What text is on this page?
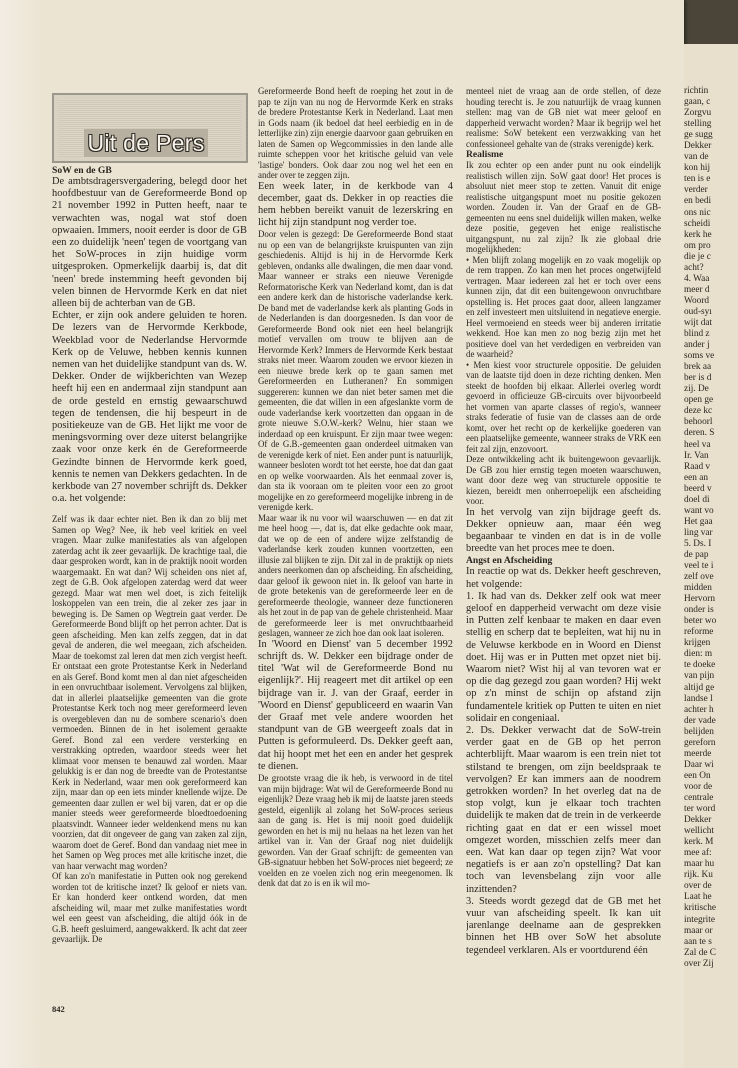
Uit de Pers
SoW en de GB

De ambtsdragersvergadering, belegd door het hoofdbestuur van de Gereformeerde Bond op 21 november 1992 in Putten heeft, naar te verwachten was, nogal wat stof doen opwaaien. Immers, nooit eerder is door de GB een zo duidelijk 'neen' tegen de voortgang van het SoW-proces in zijn huidige vorm uitgesproken. Opmerkelijk daarbij is, dat dit 'neen' brede instemming heeft gevonden bij velen binnen de Hervormde Kerk en dat niet alleen bij de achterban van de GB.

Echter, er zijn ook andere geluiden te horen. De lezers van de Hervormde Kerkbode, Weekblad voor de Nederlandse Hervormde Kerk op de Veluwe, hebben kennis kunnen nemen van het duidelijke standpunt van ds. W. Dekker. Onder de wijkberichten van Wezep heeft hij een en andermaal zijn standpunt aan de orde gesteld en ernstig gewaarschuwd tegen de tendensen, die hij bespeurt in de positiekeuze van de GB. Het lijkt me voor de meningsvorming over deze uiterst belangrijke zaak voor onze kerk én de Gereformeerde Gezindte binnen de Hervormde kerk goed, kennis te nemen van Dekkers gedachten. In de kerkbode van 27 november schrijft ds. Dekker o.a. het volgende:

Zelf was ik daar echter niet. Ben ik dan zo blij met Samen op Weg? Nee, ik heb veel kritiek en veel vragen. Maar zulke manifestaties als van afgelopen zaterdag acht ik zeer gevaarlijk. De krachtige taal, die daar gesproken wordt, kan in de praktijk nooit worden waargemaakt. En wat dan? Wij scheiden ons niet af, zegt de G.B. Ook afgelopen zaterdag werd dat weer gezegd. Maar wat men wel doet, is zich feitelijk loskoppelen van een trein, die al zeker zes jaar in beweging is. De Samen op Wegtrein gaat verder. De Gereformeerde Bond blijft op het perron achter. Dat is geen afscheiding. Men kan zelfs zeggen, dat in dat geval de anderen, die wel meegaan, zich afscheiden. Maar de toekomst zal leren dat men zich vergist heeft. Er ontstaat een grote Protestantse Kerk in Nederland en als Geref. Bond komt men al dan niet afgescheiden in een onvruchtbaar isolement. Vervolgens zal blijken, dat in allerlei plaatselijke gemeenten van die grote Protestantse Kerk toch nog meer gereformeerd leven is overgebleven dan nu de sombere scenario's doen vermoeden. Binnen de in het isolement geraakte Geref. Bond zal een verdere versterking en verstrakking optreden, waardoor steeds weer het klimaat voor mensen te benauwd zal worden. Maar gelukkig is er dan nog de breedte van de Protestantse Kerk in Nederland, waar men ook gereformeerd kan zijn, maar dan op een iets minder knellende wijze. De gemeenten daar zullen er wel bij varen, dat er op die manier steeds weer gereformeerde bloedtoedoening plaatsvindt. Wanneer ieder weldenkend mens nu kan voorzien, dat dit ongeveer de gang van zaken zal zijn, waarom doet de Geref. Bond dan vandaag niet mee in het Samen op Weg proces met alle kritische inzet, die van haar verwacht mag worden?

Of kan zo'n manifestatie in Putten ook nog gerekend worden tot de kritische inzet? Ik geloof er niets van. Er kan honderd keer ontkend worden, dat men afscheiding wil, maar met zulke manifestaties wordt wel een geest van afscheiding, die altijd óók in de G.B. heeft gesluimerd, aangewakkerd. Ik acht dat zeer gevaarlijk. De

Gereformeerde Bond heeft de roeping het zout in de pap te zijn van nu nog de Hervormde Kerk en straks de bredere Protestantse Kerk in Nederland. Laat men in Gods naam (ik bedoel dat heel eerbiedig en in de letterlijke zin) zijn energie daarvoor gaan gebruiken en laten de Samen op Wegcommissies in den lande alle ruimte scheppen voor het kritische geluid van vele 'lastige' bonders. Ook daar zou nog wel het een en ander over te zeggen zijn.

Een week later, in de kerkbode van 4 december, gaat ds. Dekker in op reacties die hem hebben bereikt vanuit de lezerskring en licht hij zijn standpunt nog verder toe.

Door velen is gezegd: De Gereformeerde Bond staat nu op een van de belangrijkste kruispunten van zijn geschiedenis. Altijd is hij in de Hervormde Kerk gebleven, ondanks alle dwalingen, die men daar vond. Maar wanneer er straks een nieuwe Verenigde Reformatorische Kerk van Nederland komt, dan is dat een andere kerk dan de historische vaderlandse kerk. De band met de vaderlandse kerk als planting Gods in de Nederlanden is dan doorgesneden. Is dan voor de Gereformeerde Bond ook niet een heel belangrijk motief vervallen om trouw te blijven aan de Hervormde Kerk? Immers de Hervormde Kerk bestaat straks niet meer. Waarom zouden we ervoor kiezen in een nieuwe brede kerk op te gaan samen met Gereformeerden en Lutheranen? En sommigen suggereren: kunnen we dan niet beter samen met die gemeenten, die dat willen in een afgeslankte vorm de oude vaderlandse kerk voortzetten dan opgaan in de grote nieuwe S.O.W.-kerk? Welnu, hier staan we inderdaad op een kruispunt. Er zijn maar twee wegen: Of de G.B.-gemeenten gaan onderdeel uitmaken van de verenigde kerk of niet. Een ander punt is natuurlijk, wanneer besloten wordt tot het eerste, hoe dat dan gaat en op welke voorwaarden. Als het eenmaal zover is, dan sta ik vooraan om te pleiten voor een zo groot mogelijke en zo gereformeerd mogelijke inbreng in de verenigde kerk.

Maar waar ik nu voor wil waarschuwen — en dat zit me heel hoog —, dat is, dat elke gedachte ook maar, dat we op de een of andere wijze zelfstandig de vaderlandse kerk zouden kunnen voortzetten, een illusie zal blijken te zijn. Dit zal in de praktijk op niets anders neerkomen dan op afscheiding. En afscheiding, daar geloof ik gewoon niet in. Ik geloof van harte in de grote betekenis van de gereformeerde leer en de gereformeerde theologie, wanneer deze functioneren als het zout in de pap van de gehele christenheid. Maar de gereformeerde leer is met onvruchtbaarheid geslagen, wanneer ze zich hoe dan ook laat isoleren.

In 'Woord en Dienst' van 5 december 1992 schrijft ds. W. Dekker een bijdrage onder de titel 'Wat wil de Gereformeerde Bond nu eigenlijk?'. Hij reageert met dit artikel op een bijdrage van ir. J. van der Graaf, eerder in 'Woord en Dienst' gepubliceerd en waarin Van der Graaf met vele andere woorden het standpunt van de GB weergeeft zoals dat in Putten is geformuleerd. Ds. Dekker geeft aan, dat hij hoopt met het een en ander het gesprek te dienen.

De grootste vraag die ik heb, is verwoord in de titel van mijn bijdrage: Wat wil de Gereformeerde Bond nu eigenlijk? Deze vraag heb ik mij de laatste jaren steeds gesteld, eigenlijk al zolang het SoW-proces serieus aan de gang is. Het is mij nooit goed duidelijk geworden en het is mij nu helaas na het lezen van het artikel van ir. Van der Graaf nog niet duidelijk geworden. Van der Graaf schrijft: de gemeenten van GB-signatuur hebben het SoW-proces niet begeerd; ze voelden en ze voelen zich nog erin meegenomen. Ik denk dat dat zo is en ik wil mo-

menteel niet de vraag aan de orde stellen, of deze houding terecht is. Je zou natuurlijk de vraag kunnen stellen: mag van de GB niet wat meer geloof en dapperheid verwacht worden? Maar ik begrijp wel het realisme: SoW betekent een verzwakking van het confessioneel gehalte van de (straks verenigde) kerk.

Realisme

Ik zou echter op een ander punt nu ook eindelijk realistisch willen zijn. SoW gaat door! Het proces is absoluut niet meer stop te zetten. Vanuit dit enige realistische uitgangspunt moet nu positie gekozen worden. Zouden ir. Van der Graaf en de GB-gemeenten nu eens snel duidelijk willen maken, welke deze positie, gegeven het enige realistische uitgangspunt, nu zal zijn? Ik zie globaal drie mogelijkheden:

• Men blijft zolang mogelijk en zo vaak mogelijk op de rem trappen. Zo kan men het proces ongetwijfeld vertragen. Maar iedereen zal het er toch over eens kunnen zijn, dat dit een buitengewoon onvruchtbare opstelling is. Het proces gaat door, alleen langzamer en zelf investeert men uitsluitend in negatieve energie. Heel vermoeiend en steeds weer bij anderen irritatie wekkend. Hoe kan men zo nog bezig zijn met het positieve doel van het verdedigen en verbreiden van de waarheid?

• Men kiest voor structurele oppositie. De geluiden van de laatste tijd doen in deze richting denken. Men steekt de hoofden bij elkaar. Allerlei overleg wordt gevoerd in officieuze GB-circuits over bijvoorbeeld het vormen van aparte classes of regio's, wanneer straks federatie of fusie van de classes aan de orde komt, over het recht op de kerkelijke goederen van een plaatselijke gemeente, wanneer straks de VRK een feit zal zijn, enzovoort.

Deze ontwikkeling acht ik buitengewoon gevaarlijk. De GB zou hier ernstig tegen moeten waarschuwen, want door deze weg van structurele oppositie te kiezen, bereidt men onherroepelijk een afscheiding voor.

In het vervolg van zijn bijdrage geeft ds. Dekker opnieuw aan, maar één weg begaanbaar te vinden en dat is in de volle breedte van het proces mee te doen.

Angst en Afscheiding

In reactie op wat ds. Dekker heeft geschreven, het volgende:

1. Ik had van ds. Dekker zelf ook wat meer geloof en dapperheid verwacht om deze visie in Putten zelf kenbaar te maken en daar even stellig en scherp dat te bepleiten, wat hij nu in de Veluwse kerkbode en in Woord en Dienst doet. Hij was er in Putten met opzet niet bij. Waarom niet? Wist hij al van tevoren wat er op die dag gezegd zou gaan worden? Hij wekt op z'n minst de schijn op afstand zijn fundamentele kritiek op Putten te uiten en niet solidair en congeniaal.

2. Ds. Dekker verwacht dat de SoW-trein verder gaat en de GB op het perron achterblijft. Maar waarom is een trein niet tot stilstand te brengen, om zijn beeldspraak te vervolgen? Er kan immers aan de noodrem getrokken worden? In het overleg dat na de stop volgt, kun je elkaar toch trachten duidelijk te maken dat de trein in de verkeerde richting gaat en dat er een wissel moet omgezet worden, misschien zelfs meer dan een. Wat kan daar op tegen zijn? Wat voor negatiefs is er aan zo'n opstelling? Dat kan toch van levensbelang zijn voor alle inzittenden?

3. Steeds wordt gezegd dat de GB met het vuur van afscheiding speelt. Ik kan uit jarenlange deelname aan de gesprekken binnen het HB over SoW het absolute tegendeel verklaren. Als er voortdurend één

842
richtin
gaan, c
Zorgvu
stelling
ge sugg
Dekker
van de
kon hij
ten is e
verder
en bedi
ons nic
scheidi
kerk he
om pro
die je c
acht?
4. Waa
meer d
Woord
oud-syı
wijt dat
blind z
ander j
soms ve
brek aa
ber is d
zij. De
open ge
deze kc
behoorl
deren. S
heel va
Ir. Van
Raad v
een an
beerd v
doel di
want vo
Het gaa
ling var
5. Ds. I
de pap
veel te i
zelf ove
midden
Hervorn
onder is
beter wo
reforme
krijgen
dien: m
te doeke
van pijn
altijd ge
landse l
achter h
der vade
belijden
gereforn
meerde
Daar wi
een On
voor de
centrale
ter word
Dekker
wellicht
kerk. M
mee af:
maar hu
rijk. Ku
over de
Laat he
kritische
integrite
maar or
aan te s
Zal de C
over Zij
